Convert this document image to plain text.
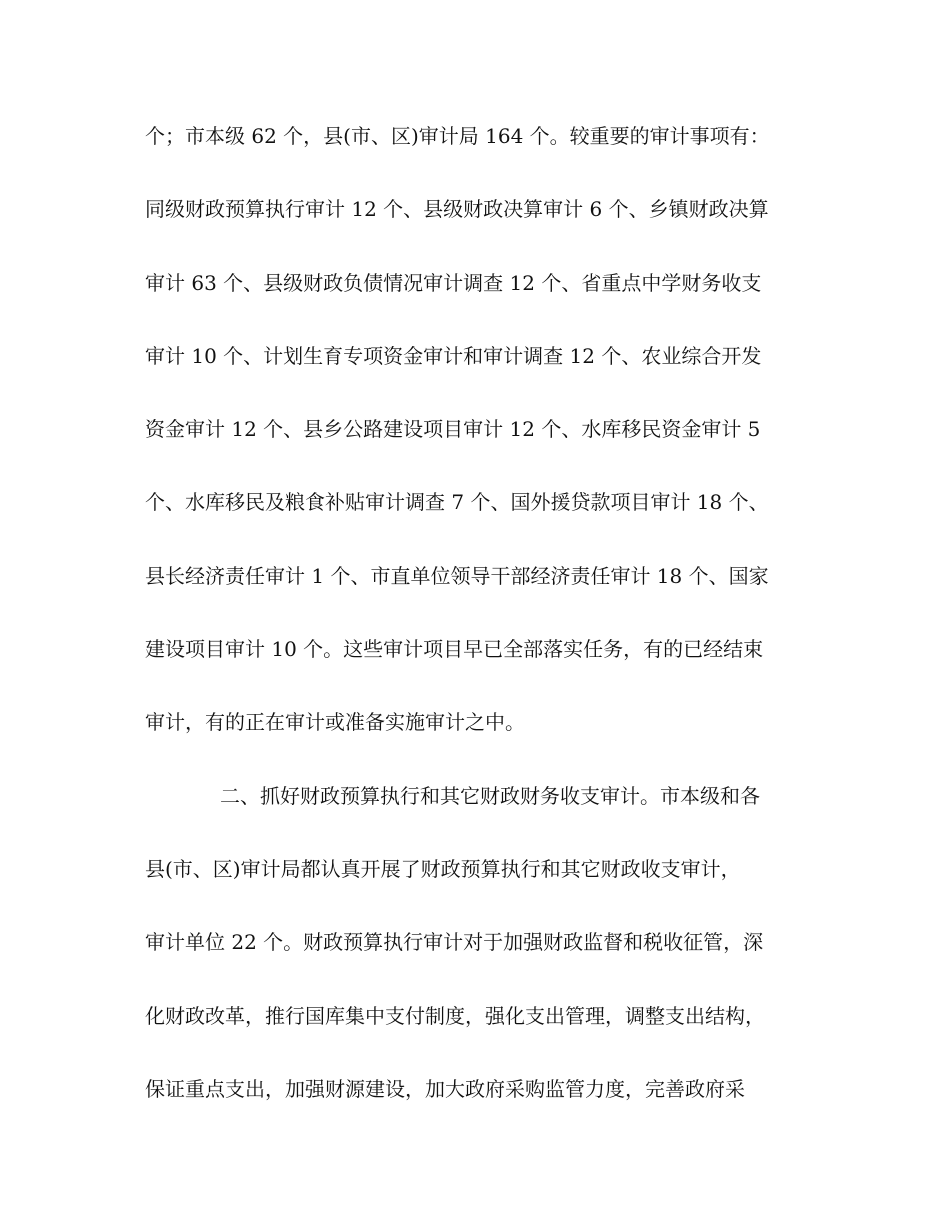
个；市本级 62 个，县(市、区)审计局 164 个。较重要的审计事项有：
同级财政预算执行审计 12 个、县级财政决算审计 6 个、乡镇财政决算
审计 63 个、县级财政负债情况审计调查 12 个、省重点中学财务收支
审计 10 个、计划生育专项资金审计和审计调查 12 个、农业综合开发
资金审计 12 个、县乡公路建设项目审计 12 个、水库移民资金审计 5
个、水库移民及粮食补贴审计调查 7 个、国外援贷款项目审计 18 个、
县长经济责任审计 1 个、市直单位领导干部经济责任审计 18 个、国家
建设项目审计 10 个。这些审计项目早已全部落实任务，有的已经结束
审计，有的正在审计或准备实施审计之中。
二、抓好财政预算执行和其它财政财务收支审计。市本级和各
县(市、区)审计局都认真开展了财政预算执行和其它财政收支审计，
审计单位 22 个。财政预算执行审计对于加强财政监督和税收征管，深
化财政改革，推行国库集中支付制度，强化支出管理，调整支出结构，
保证重点支出，加强财源建设，加大政府采购监管力度，完善政府采
